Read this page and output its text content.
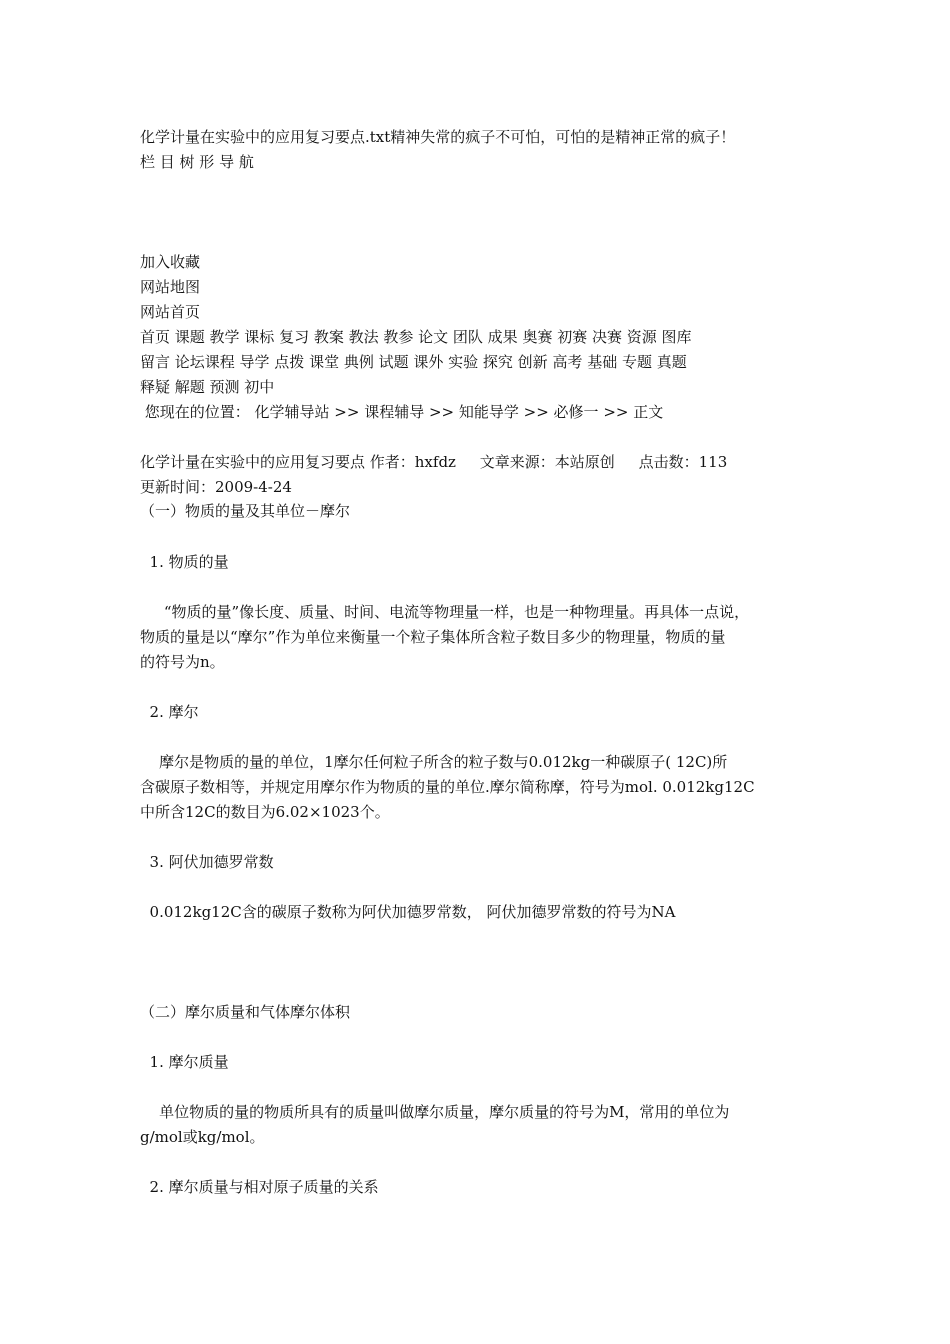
化学计量在实验中的应用复习要点.txt精神失常的疯子不可怕，可怕的是精神正常的疯子！
栏 目 树 形 导 航
加入收藏
网站地图
网站首页
首页 课题 教学 课标 复习 教案 教法 教参 论文 团队 成果 奥赛 初赛 决赛 资源 图库
留言 论坛课程 导学 点拨 课堂 典例 试题 课外 实验 探究 创新 高考 基础 专题 真题
释疑 解题 预测 初中
您现在的位置： 化学辅导站 >> 课程辅导 >> 知能导学 >> 必修一 >> 正文
化学计量在实验中的应用复习要点 作者：hxfdz     文章来源：本站原创     点击数：113
更新时间：2009-4-24
（一）物质的量及其单位－摩尔
1. 物质的量
“物质的量”像长度、质量、时间、电流等物理量一样，也是一种物理量。再具体一点说，
物质的量是以“摩尔”作为单位来衡量一个粒子集体所含粒子数目多少的物理量，物质的量
的符号为n。
2. 摩尔
摩尔是物质的量的单位，1摩尔任何粒子所含的粒子数与0.012kg一种碳原子( 12C)所
含碳原子数相等，并规定用摩尔作为物质的量的单位.摩尔简称摩，符号为mol. 0.012kg12C
中所含12C的数目为6.02×1023个。
3. 阿伏加德罗常数
0.012kg12C含的碳原子数称为阿伏加德罗常数， 阿伏加德罗常数的符号为NA
（二）摩尔质量和气体摩尔体积
1. 摩尔质量
单位物质的量的物质所具有的质量叫做摩尔质量，摩尔质量的符号为M，常用的单位为
g/mol或kg/mol。
2. 摩尔质量与相对原子质量的关系
